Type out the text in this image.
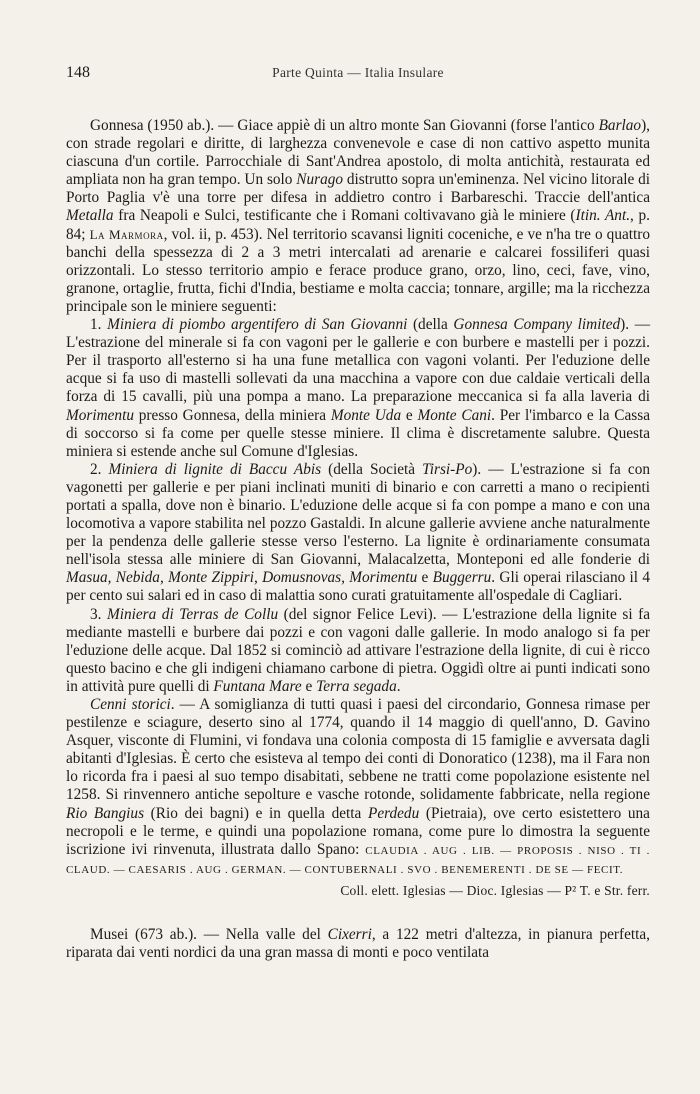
148	Parte Quinta — Italia Insulare

Gonnesa (1950 ab.). — Giace appiè di un altro monte San Giovanni (forse l'antico Barlao), con strade regolari e diritte, di larghezza convenevole e case di non cattivo aspetto munita ciascuna d'un cortile. Parrocchiale di Sant'Andrea apostolo, di molta antichità, restaurata ed ampliata non ha gran tempo. Un solo Nurago distrutto sopra un'eminenza. Nel vicino litorale di Porto Paglia v'è una torre per difesa in addietro contro i Barbareschi. Traccie dell'antica Metalla fra Neapoli e Sulci, testificante che i Romani coltivavano già le miniere (Itin. Ant., p. 84; La Marmora, vol. ii, p. 453). Nel territorio scavansi ligniti coceniche, e ve n'ha tre o quattro banchi della spessezza di 2 a 3 metri intercalati ad arenarie e calcarei fossiliferi quasi orizzontali. Lo stesso territorio ampio e ferace produce grano, orzo, lino, ceci, fave, vino, granone, ortaglie, frutta, fichi d'India, bestiame e molta caccia; tonnare, argille; ma la ricchezza principale son le miniere seguenti:

1. Miniera di piombo argentifero di San Giovanni (della Gonnesa Company limited). — L'estrazione del minerale si fa con vagoni per le gallerie e con burbere e mastelli per i pozzi. Per il trasporto all'esterno si ha una fune metallica con vagoni volanti. Per l'eduzione delle acque si fa uso di mastelli sollevati da una macchina a vapore con due caldaie verticali della forza di 15 cavalli, più una pompa a mano. La preparazione meccanica si fa alla laveria di Morimentu presso Gonnesa, della miniera Monte Uda e Monte Cani. Per l'imbarco e la Cassa di soccorso si fa come per quelle stesse miniere. Il clima è discretamente salubre. Questa miniera si estende anche sul Comune d'Iglesias.

2. Miniera di lignite di Baccu Abis (della Società Tirsi-Po). — L'estrazione si fa con vagonetti per gallerie e per piani inclinati muniti di binario e con carretti a mano o recipienti portati a spalla, dove non è binario. L'eduzione delle acque si fa con pompe a mano e con una locomotiva a vapore stabilita nel pozzo Gastaldi. In alcune gallerie avviene anche naturalmente per la pendenza delle gallerie stesse verso l'esterno. La lignite è ordinariamente consumata nell'isola stessa alle miniere di San Giovanni, Malacalzetta, Monteponi ed alle fonderie di Masua, Nebida, Monte Zippiri, Domusnovas, Morimentu e Buggerru. Gli operai rilasciano il 4 per cento sui salari ed in caso di malattia sono curati gratuitamente all'ospedale di Cagliari.

3. Miniera di Terras de Collu (del signor Felice Levi). — L'estrazione della lignite si fa mediante mastelli e burbere dai pozzi e con vagoni dalle gallerie. In modo analogo si fa per l'eduzione delle acque. Dal 1852 si cominciò ad attivare l'estrazione della lignite, di cui è ricco questo bacino e che gli indigeni chiamano carbone di pietra. Oggidì oltre ai punti indicati sono in attività pure quelli di Funtana Mare e Terra segada.

Cenni storici. — A somiglianza di tutti quasi i paesi del circondario, Gonnesa rimase per pestilenze e sciagure, deserto sino al 1774, quando il 14 maggio di quell'anno, D. Gavino Asquer, visconte di Flumini, vi fondava una colonia composta di 15 famiglie e avversata dagli abitanti d'Iglesias. È certo che esisteva al tempo dei conti di Donoratico (1238), ma il Fara non lo ricorda fra i paesi al suo tempo disabitati, sebbene ne tratti come popolazione esistente nel 1258. Si rinvennero antiche sepolture e vasche rotonde, solidamente fabbricate, nella regione Rio Bangius (Rio dei bagni) e in quella detta Perdedu (Pietraia), ove certo esistettero una necropoli e le terme, e quindi una popolazione romana, come pure lo dimostra la seguente iscrizione ivi rinvenuta, illustrata dallo Spano: CLAUDIA . AUG . LIB. — PROPOSIS . NISO . TI . CLAUD. — CAESARIS . AUG . GERMAN. — CONTUBERNALI . SVO . BENEMERENTI . DE SE — FECIT.

Coll. elett. Iglesias — Dioc. Iglesias — P² T. e Str. ferr.

Musei (673 ab.). — Nella valle del Cixerri, a 122 metri d'altezza, in pianura perfetta, riparata dai venti nordici da una gran massa di monti e poco ventilata
